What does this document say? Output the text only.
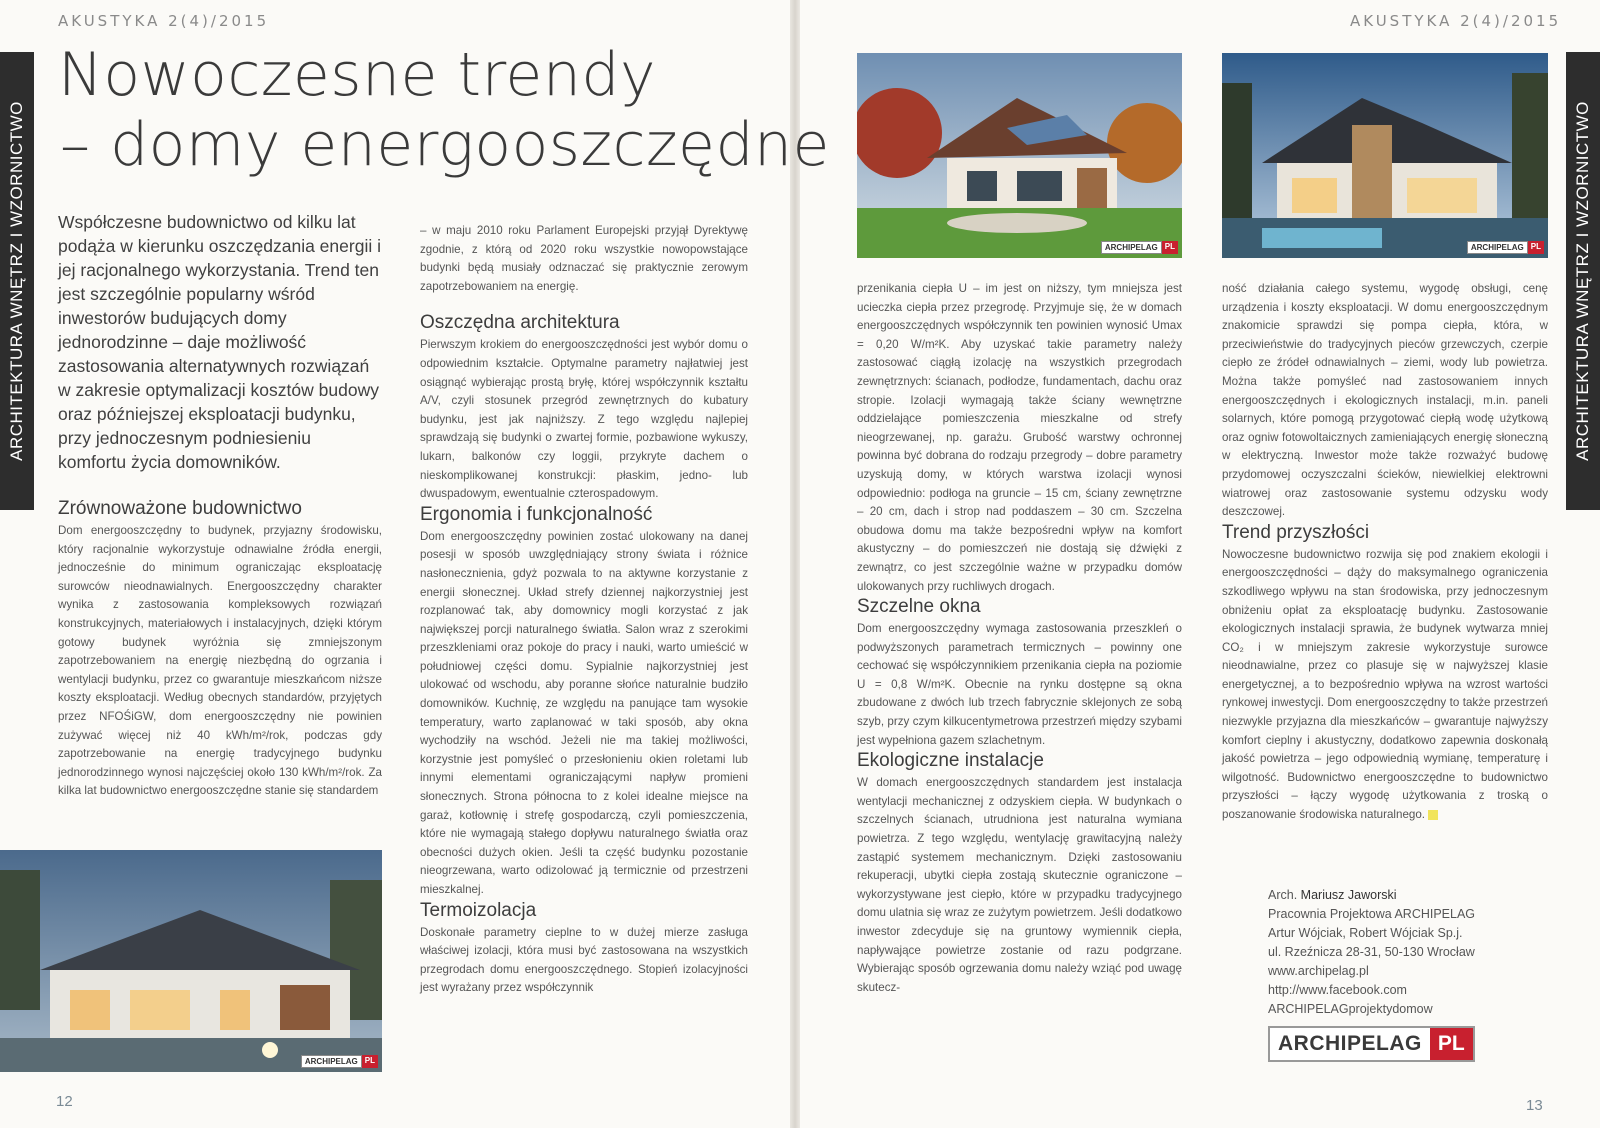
AKUSTYKA 2(4)/2015	AKUSTYKA 2(4)/2015
ARCHITEKTURA WNĘTRZ I WZORNICTWO	ARCHITEKTURA WNĘTRZ I WZORNICTWO
Nowoczesne trendy
– domy energooszczędne

Współczesne budownictwo od kilku lat podąża w kierunku oszczędzania energii i jej racjonalnego wykorzystania. Trend ten jest szczególnie popularny wśród inwestorów budujących domy jednorodzinne – daje możliwość zastosowania alternatywnych rozwiązań w zakresie optymalizacji kosztów budowy oraz późniejszej eksploatacji budynku, przy jednoczesnym podniesieniu komfortu życia domowników.

Zrównoważone budownictwo

Dom energooszczędny to budynek, przyjazny środowisku, który racjonalnie wykorzystuje odnawialne źródła energii, jednocześnie do minimum ograniczając eksploatację surowców nieodnawialnych. Energooszczędny charakter wynika z zastosowania kompleksowych rozwiązań konstrukcyjnych, materiałowych i instalacyjnych, dzięki którym gotowy budynek wyróżnia się zmniejszonym zapotrzebowaniem na energię niezbędną do ogrzania i wentylacji budynku, przez co gwarantuje mieszkańcom niższe koszty eksploatacji. Według obecnych standardów, przyjętych przez NFOŚiGW, dom energooszczędny nie powinien zużywać więcej niż 40 kWh/m²/rok, podczas gdy zapotrzebowanie na energię tradycyjnego budynku jednorodzinnego wynosi najczęściej około 130 kWh/m²/rok. Za kilka lat budownictwo energooszczędne stanie się standardem

ARCHIPELAG PL

– w maju 2010 roku Parlament Europejski przyjął Dyrektywę zgodnie, z którą od 2020 roku wszystkie nowopowstające budynki będą musiały odznaczać się praktycznie zerowym zapotrzebowaniem na energię.

Oszczędna architektura

Pierwszym krokiem do energooszczędności jest wybór domu o odpowiednim kształcie. Optymalne parametry najłatwiej jest osiągnąć wybierając prostą bryłę, której współczynnik kształtu A/V, czyli stosunek przegród zewnętrznych do kubatury budynku, jest jak najniższy. Z tego względu najlepiej sprawdzają się budynki o zwartej formie, pozbawione wykuszy, lukarn, balkonów czy loggii, przykryte dachem o nieskomplikowanej konstrukcji: płaskim, jedno- lub dwuspadowym, ewentualnie czterospadowym.

Ergonomia i funkcjonalność

Dom energooszczędny powinien zostać ulokowany na danej posesji w sposób uwzględniający strony świata i różnice nasłonecznienia, gdyż pozwala to na aktywne korzystanie z energii słonecznej. Układ strefy dziennej najkorzystniej jest rozplanować tak, aby domownicy mogli korzystać z jak największej porcji naturalnego światła. Salon wraz z szerokimi przeszkleniami oraz pokoje do pracy i nauki, warto umieścić w południowej części domu. Sypialnie najkorzystniej jest ulokować od wschodu, aby poranne słońce naturalnie budziło domowników. Kuchnię, ze względu na panujące tam wysokie temperatury, warto zaplanować w taki sposób, aby okna wychodziły na wschód. Jeżeli nie ma takiej możliwości, korzystnie jest pomyśleć o przesłonieniu okien roletami lub innymi elementami ograniczającymi napływ promieni słonecznych. Strona północna to z kolei idealne miejsce na garaż, kotłownię i strefę gospodarczą, czyli pomieszczenia, które nie wymagają stałego dopływu naturalnego światła oraz obecności dużych okien. Jeśli ta część budynku pozostanie nieogrzewana, warto odizolować ją termicznie od przestrzeni mieszkalnej.

Termoizolacja

Doskonałe parametry cieplne to w dużej mierze zasługa właściwej izolacji, która musi być zastosowana na wszystkich przegrodach domu energooszczędnego. Stopień izolacyjności jest wyrażany przez współczynnik

12
ARCHIPELAG PL	ARCHIPELAG PL

przenikania ciepła U – im jest on niższy, tym mniejsza jest ucieczka ciepła przez przegrodę. Przyjmuje się, że w domach energooszczędnych współczynnik ten powinien wynosić Umax = 0,20 W/m²K. Aby uzyskać takie parametry należy zastosować ciągłą izolację na wszystkich przegrodach zewnętrznych: ścianach, podłodze, fundamentach, dachu oraz stropie. Izolacji wymagają także ściany wewnętrzne oddzielające pomieszczenia mieszkalne od strefy nieogrzewanej, np. garażu. Grubość warstwy ochronnej powinna być dobrana do rodzaju przegrody – dobre parametry uzyskują domy, w których warstwa izolacji wynosi odpowiednio: podłoga na gruncie – 15 cm, ściany zewnętrzne – 20 cm, dach i strop nad poddaszem – 30 cm. Szczelna obudowa domu ma także bezpośredni wpływ na komfort akustyczny – do pomieszczeń nie dostają się dźwięki z zewnątrz, co jest szczególnie ważne w przypadku domów ulokowanych przy ruchliwych drogach.

Szczelne okna

Dom energooszczędny wymaga zastosowania przeszkleń o podwyższonych parametrach termicznych – powinny one cechować się współczynnikiem przenikania ciepła na poziomie U = 0,8 W/m²K. Obecnie na rynku dostępne są okna zbudowane z dwóch lub trzech fabrycznie sklejonych ze sobą szyb, przy czym kilkucentymetrowa przestrzeń między szybami jest wypełniona gazem szlachetnym.

Ekologiczne instalacje

W domach energooszczędnych standardem jest instalacja wentylacji mechanicznej z odzyskiem ciepła. W budynkach o szczelnych ścianach, utrudniona jest naturalna wymiana powietrza. Z tego względu, wentylację grawitacyjną należy zastąpić systemem mechanicznym. Dzięki zastosowaniu rekuperacji, ubytki ciepła zostają skutecznie ograniczone – wykorzystywane jest ciepło, które w przypadku tradycyjnego domu ulatnia się wraz ze zużytym powietrzem. Jeśli dodatkowo inwestor zdecyduje się na gruntowy wymiennik ciepła, napływające powietrze zostanie od razu podgrzane. Wybierając sposób ogrzewania domu należy wziąć pod uwagę skutecz-

ność działania całego systemu, wygodę obsługi, cenę urządzenia i koszty eksploatacji. W domu energooszczędnym znakomicie sprawdzi się pompa ciepła, która, w przeciwieństwie do tradycyjnych pieców grzewczych, czerpie ciepło ze źródeł odnawialnych – ziemi, wody lub powietrza. Można także pomyśleć nad zastosowaniem innych energooszczędnych i ekologicznych instalacji, m.in. paneli solarnych, które pomogą przygotować ciepłą wodę użytkową oraz ogniw fotowoltaicznych zamieniających energię słoneczną w elektryczną. Inwestor może także rozważyć budowę przydomowej oczyszczalni ścieków, niewielkiej elektrowni wiatrowej oraz zastosowanie systemu odzysku wody deszczowej.

Trend przyszłości

Nowoczesne budownictwo rozwija się pod znakiem ekologii i energooszczędności – dąży do maksymalnego ograniczenia szkodliwego wpływu na stan środowiska, przy jednoczesnym obniżeniu opłat za eksploatację budynku. Zastosowanie ekologicznych instalacji sprawia, że budynek wytwarza mniej CO₂ i w mniejszym zakresie wykorzystuje surowce nieodnawialne, przez co plasuje się w najwyższej klasie energetycznej, a to bezpośrednio wpływa na wzrost wartości rynkowej inwestycji. Dom energooszczędny to także przestrzeń niezwykle przyjazna dla mieszkańców – gwarantuje najwyższy komfort cieplny i akustyczny, dodatkowo zapewnia doskonałą jakość powietrza – jego odpowiednią wymianę, temperaturę i wilgotność. Budownictwo energooszczędne to budownictwo przyszłości – łączy wygodę użytkowania z troską o poszanowanie środowiska naturalnego.

Arch. Mariusz Jaworski
Pracownia Projektowa ARCHIPELAG
Artur Wójciak, Robert Wójciak Sp.j.
ul. Rzeźnicza 28-31, 50-130 Wrocław
www.archipelag.pl
http://www.facebook.com
ARCHIPELAGprojektydomow
ARCHIPELAG PL
13
